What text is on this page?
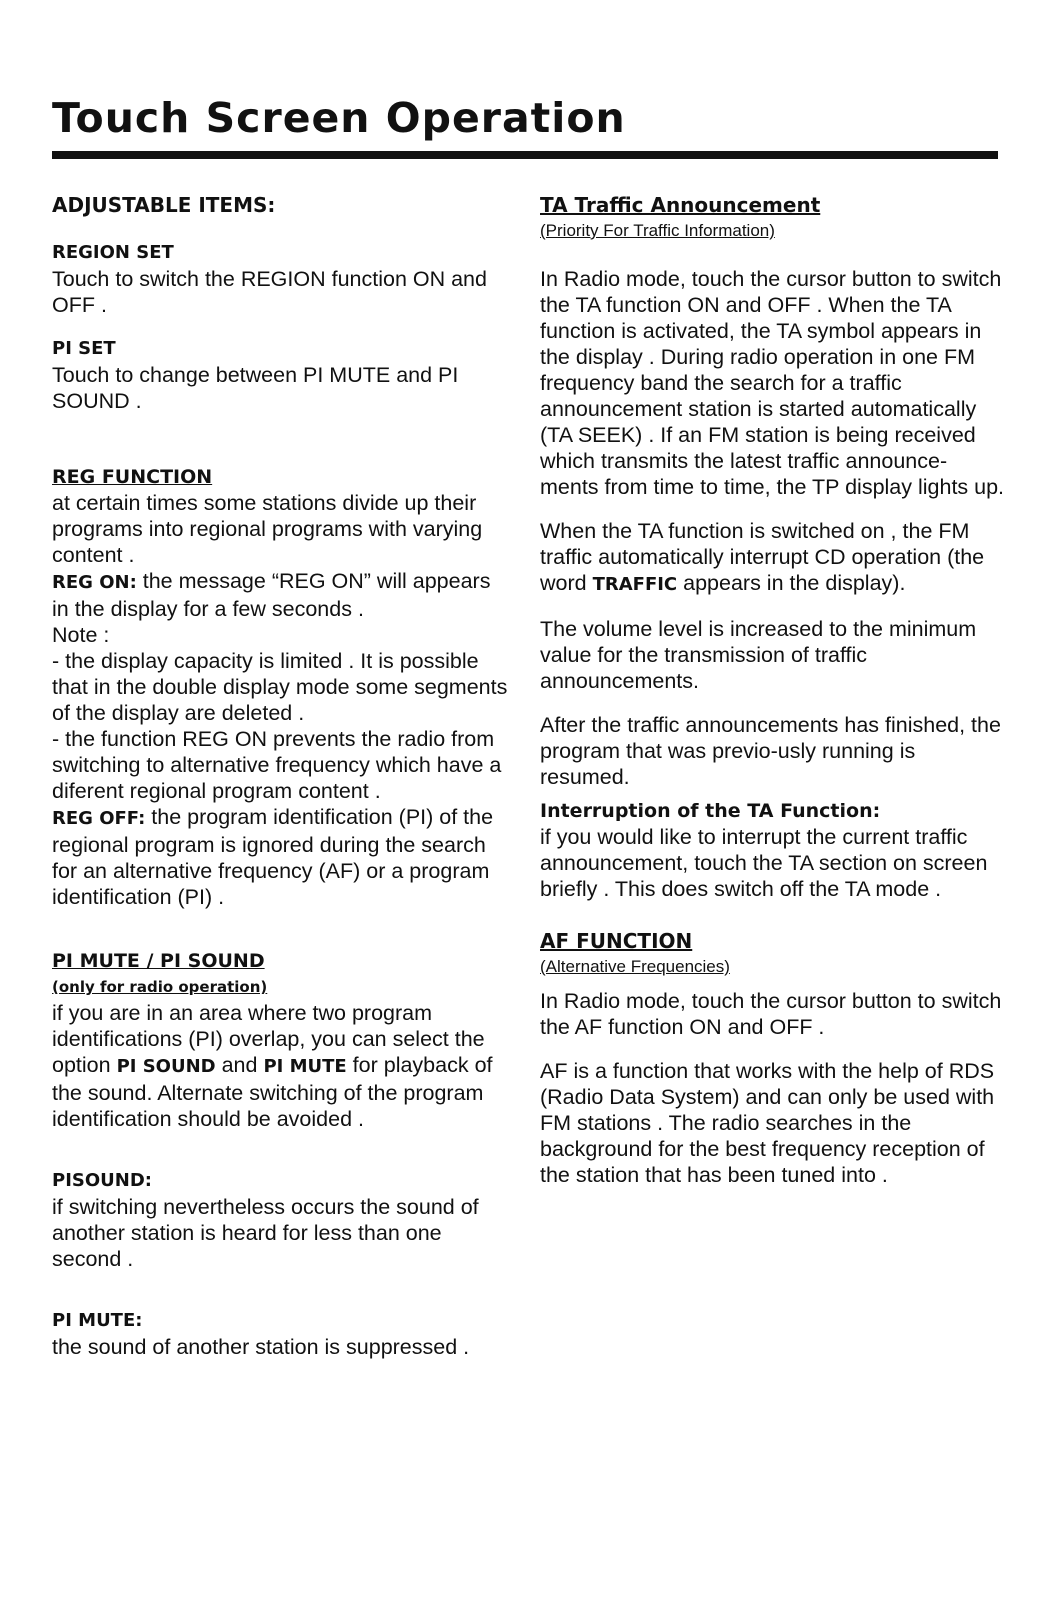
Touch Screen Operation
ADJUSTABLE ITEMS:
REGION SET

Touch to switch the REGION function ON and OFF .

PI SET

Touch to change between PI MUTE and PI SOUND .

REG FUNCTION

at certain times some stations divide up their programs into regional programs with varying content .

REG ON: the message “REG ON” will appears in the display for a few seconds .

Note :

- the display capacity is limited . It is possible that in the double display mode some segments of the display are deleted .

- the function REG ON prevents the radio from switching to alternative frequency which have a diferent regional program content .

REG OFF: the program identification (PI) of the regional program is ignored during the search for an alternative frequency (AF) or a program identification (PI) .

PI MUTE / PI SOUND
(only for radio operation)

if you are in an area where two program identifications (PI) overlap, you can select the option PI SOUND and PI MUTE for playback of the sound. Alternate switching of the program identification should be avoided .

PISOUND:

if switching nevertheless occurs the sound of another station is heard for less than one second .

PI MUTE:

the sound of another station is suppressed .

TA Traffic Announcement
(Priority For Traffic Information)

In Radio mode, touch the cursor button to switch the TA function ON and OFF . When the TA function is activated, the TA symbol appears in the display . During radio operation in one FM frequency band the search for a traffic announcement station is started automatically (TA SEEK) . If an FM station is being received which transmits the latest traffic announce-ments from time to time, the TP display lights up.

When the TA function is switched on , the FM traffic automatically interrupt CD operation (the word TRAFFIC appears in the display).

The volume level is increased to the minimum value for the transmission of traffic announcements.

After the traffic announcements has finished, the program that was previo-usly running is resumed.

Interruption of the TA Function:

if you would like to interrupt the current traffic announcement, touch the TA section on screen briefly . This does switch off the TA mode .

AF FUNCTION
(Alternative Frequencies)

In Radio mode, touch the cursor button to switch the AF function ON and OFF .

AF is a function that works with the help of RDS (Radio Data System) and can only be used with FM stations . The radio searches in the background for the best frequency reception of the station that has been tuned into .
